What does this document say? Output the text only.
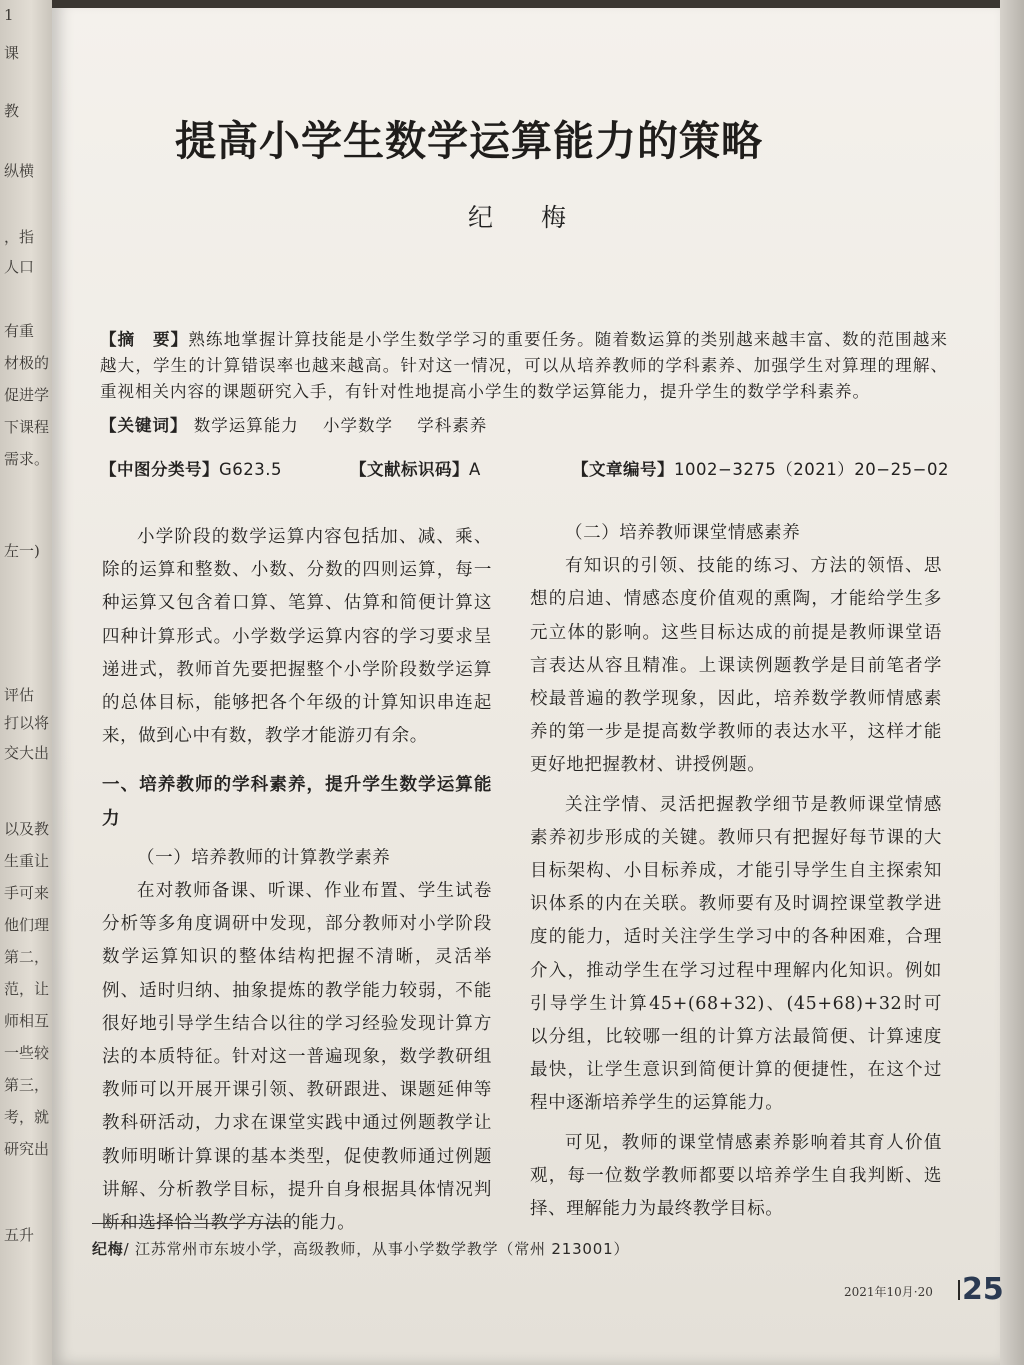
1
课
教
纵横
，指
人口
有重
材极的
促进学
下课程
需求。
左一)
评估
打以将
交大出
以及教
生重让
手可来
他们理
第二，
范，让
师相互
一些较
第三，
考，就
研究出
五升
提高小学生数学运算能力的策略
纪 梅
【摘　要】熟练地掌握计算技能是小学生数学学习的重要任务。随着数运算的类别越来越丰富、数的范围越来越大，学生的计算错误率也越来越高。针对这一情况，可以从培养教师的学科素养、加强学生对算理的理解、重视相关内容的课题研究入手，有针对性地提高小学生的数学运算能力，提升学生的数学学科素养。
【关键词】 数学运算能力 小学数学 学科素养
【中图分类号】G623.5	【文献标识码】A	【文章编号】1002−3275（2021）20−25−02

小学阶段的数学运算内容包括加、减、乘、除的运算和整数、小数、分数的四则运算，每一种运算又包含着口算、笔算、估算和简便计算这四种计算形式。小学数学运算内容的学习要求呈递进式，教师首先要把握整个小学阶段数学运算的总体目标，能够把各个年级的计算知识串连起来，做到心中有数，教学才能游刃有余。

一、培养教师的学科素养，提升学生数学运算能力

（一）培养教师的计算教学素养

在对教师备课、听课、作业布置、学生试卷分析等多角度调研中发现，部分教师对小学阶段数学运算知识的整体结构把握不清晰，灵活举例、适时归纳、抽象提炼的教学能力较弱，不能很好地引导学生结合以往的学习经验发现计算方法的本质特征。针对这一普遍现象，数学教研组教师可以开展开课引领、教研跟进、课题延伸等教科研活动，力求在课堂实践中通过例题教学让教师明晰计算课的基本类型，促使教师通过例题讲解、分析教学目标，提升自身根据具体情况判断和选择恰当教学方法的能力。

（二）培养教师课堂情感素养

有知识的引领、技能的练习、方法的领悟、思想的启迪、情感态度价值观的熏陶，才能给学生多元立体的影响。这些目标达成的前提是教师课堂语言表达从容且精准。上课读例题教学是目前笔者学校最普遍的教学现象，因此，培养数学教师情感素养的第一步是提高数学教师的表达水平，这样才能更好地把握教材、讲授例题。

关注学情、灵活把握教学细节是教师课堂情感素养初步形成的关键。教师只有把握好每节课的大目标架构、小目标养成，才能引导学生自主探索知识体系的内在关联。教师要有及时调控课堂教学进度的能力，适时关注学生学习中的各种困难，合理介入，推动学生在学习过程中理解内化知识。例如引导学生计算45+(68+32)、(45+68)+32时可以分组，比较哪一组的计算方法最简便、计算速度最快，让学生意识到简便计算的便捷性，在这个过程中逐渐培养学生的运算能力。

可见，教师的课堂情感素养影响着其育人价值观，每一位数学教师都要以培养学生自我判断、选择、理解能力为最终教学目标。

纪梅/ 江苏常州市东坡小学，高级教师，从事小学数学教学（常州 213001）
2021年10月·20 25
